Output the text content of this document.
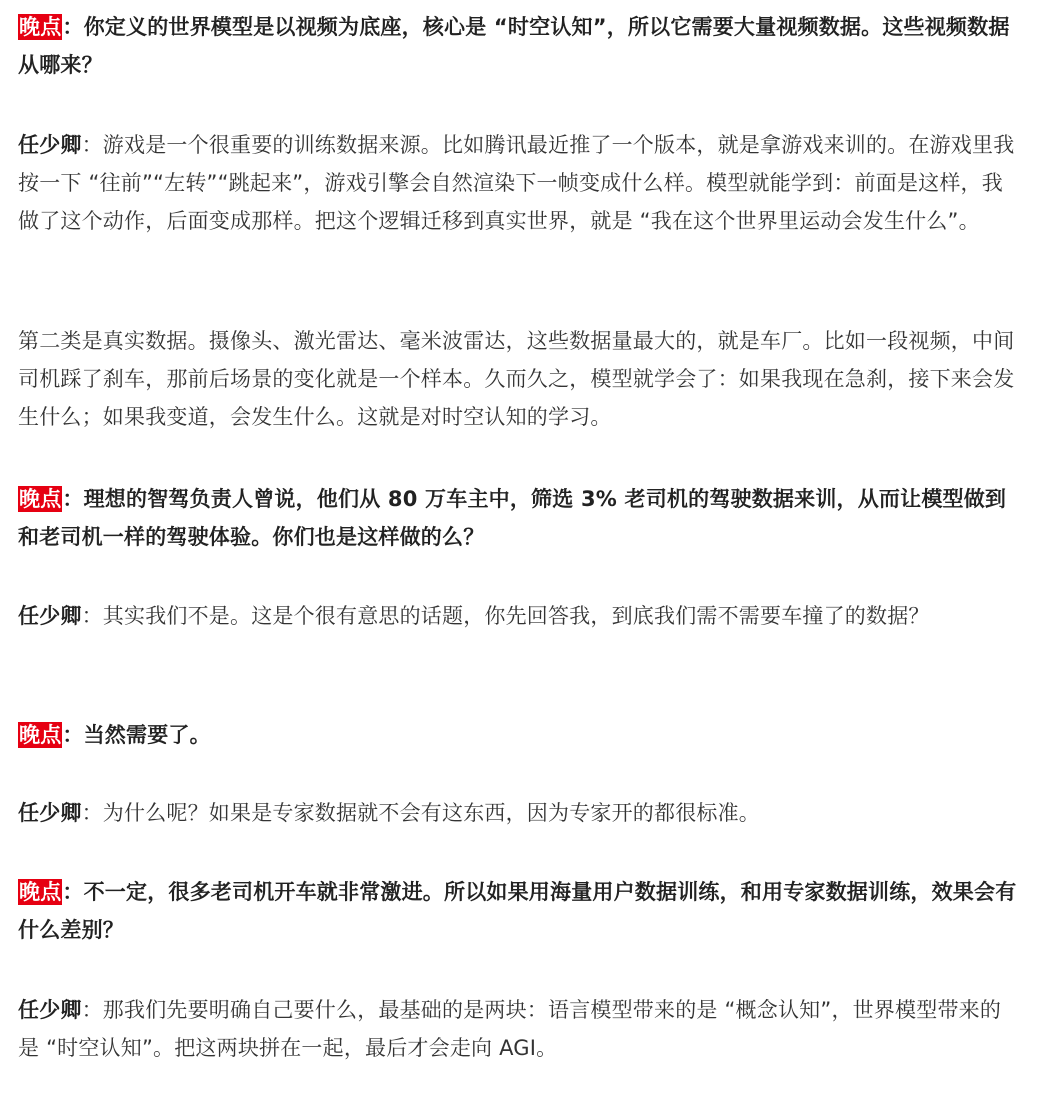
晚点：你定义的世界模型是以视频为底座，核心是 “时空认知”，所以它需要大量视频数据。这些视频数据从哪来？

任少卿：游戏是一个很重要的训练数据来源。比如腾讯最近推了一个版本，就是拿游戏来训的。在游戏里我按一下 “往前”“左转”“跳起来”，游戏引擎会自然渲染下一帧变成什么样。模型就能学到：前面是这样，我做了这个动作，后面变成那样。把这个逻辑迁移到真实世界，就是 “我在这个世界里运动会发生什么”。

第二类是真实数据。摄像头、激光雷达、毫米波雷达，这些数据量最大的，就是车厂。比如一段视频，中间司机踩了刹车，那前后场景的变化就是一个样本。久而久之，模型就学会了：如果我现在急刹，接下来会发生什么；如果我变道，会发生什么。这就是对时空认知的学习。

晚点：理想的智驾负责人曾说，他们从 80 万车主中，筛选 3% 老司机的驾驶数据来训，从而让模型做到和老司机一样的驾驶体验。你们也是这样做的么？

任少卿：其实我们不是。这是个很有意思的话题，你先回答我，到底我们需不需要车撞了的数据？

晚点：当然需要了。

任少卿：为什么呢？如果是专家数据就不会有这东西，因为专家开的都很标准。

晚点：不一定，很多老司机开车就非常激进。所以如果用海量用户数据训练，和用专家数据训练，效果会有什么差别？

任少卿：那我们先要明确自己要什么，最基础的是两块：语言模型带来的是 “概念认知”，世界模型带来的是 “时空认知”。把这两块拼在一起，最后才会走向 AGI。
